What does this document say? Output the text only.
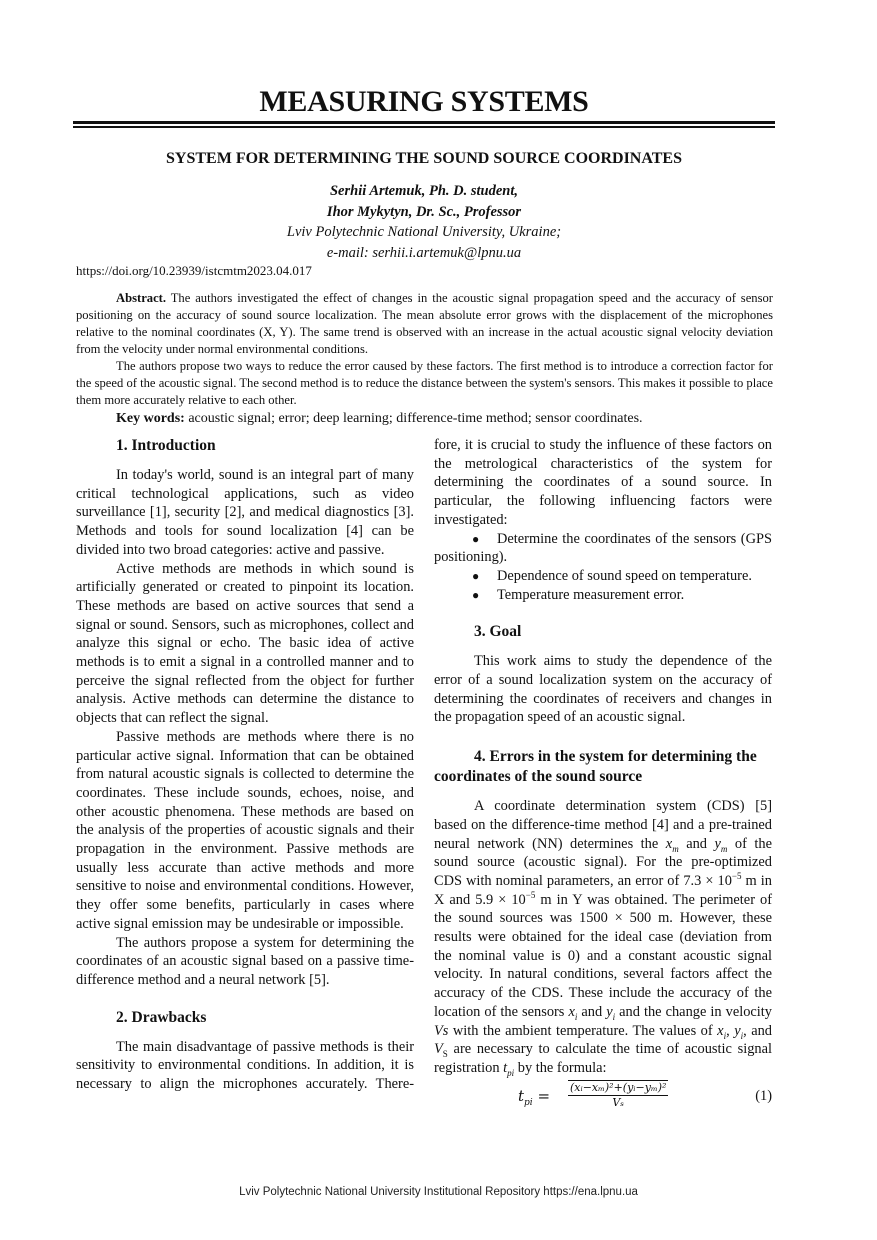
MEASURING SYSTEMS
SYSTEM FOR DETERMINING THE SOUND SOURCE COORDINATES
Serhii Artemuk, Ph. D. student,
Ihor Mykytyn, Dr. Sc., Professor
Lviv Polytechnic National University, Ukraine;
e-mail: serhii.i.artemuk@lpnu.ua
https://doi.org/10.23939/istcmtm2023.04.017

Abstract. The authors investigated the effect of changes in the acoustic signal propagation speed and the accuracy of sensor positioning on the accuracy of sound source localization. The mean absolute error grows with the displacement of the microphones relative to the nominal coordinates (X, Y). The same trend is observed with an increase in the actual acoustic signal velocity deviation from the velocity under normal environmental conditions.

The authors propose two ways to reduce the error caused by these factors. The first method is to introduce a correction factor for the speed of the acoustic signal. The second method is to reduce the distance between the system's sensors. This makes it possible to place them more accurately relative to each other.

Key words: acoustic signal; error; deep learning; difference-time method; sensor coordinates.

1. Introduction

In today's world, sound is an integral part of many critical technological applications, such as video surveillance [1], security [2], and medical diagnostics [3]. Methods and tools for sound localization [4] can be divided into two broad categories: active and passive.

Active methods are methods in which sound is artificially generated or created to pinpoint its location. These methods are based on active sources that send a signal or sound. Sensors, such as microphones, collect and analyze this signal or echo. The basic idea of active methods is to emit a signal in a controlled manner and to perceive the signal reflected from the object for further analysis. Active methods can determine the distance to objects that can reflect the signal.

Passive methods are methods where there is no particular active signal. Information that can be obtained from natural acoustic signals is collected to determine the coordinates. These include sounds, echoes, noise, and other acoustic phenomena. These methods are based on the analysis of the properties of acoustic signals and their propagation in the environment. Passive methods are usually less accurate than active methods and more sensitive to noise and environmental conditions. However, they offer some benefits, particularly in cases where active signal emission may be undesirable or impossible.

The authors propose a system for determining the coordinates of an acoustic signal based on a passive time-difference method and a neural network [5].

2. Drawbacks

The main disadvantage of passive methods is their sensitivity to environmental conditions. In addition, it is necessary to align the microphones accurately. There-

fore, it is crucial to study the influence of these factors on the metrological characteristics of the system for determining the coordinates of a sound source. In particular, the following influencing factors were investigated:

●	Determine the coordinates of the sensors (GPS positioning).
●	Dependence of sound speed on temperature.
●	Temperature measurement error.
3. Goal

This work aims to study the dependence of the error of a sound localization system on the accuracy of determining the coordinates of receivers and changes in the propagation speed of an acoustic signal.

4. Errors in the system for determining the coordinates of the sound source

A coordinate determination system (CDS) [5] based on the difference-time method [4] and a pre-trained neural network (NN) determines the $x_m$ and $y_m$ of the sound source (acoustic signal). For the pre-optimized CDS with nominal parameters, an error of $7.3 \times 10^{-5}$ m in X and $5.9 \times 10^{-5}$ m in Y was obtained. The perimeter of the sound sources was 1500 × 500 m. However, these results were obtained for the ideal case (deviation from the nominal value is 0) and a constant acoustic signal velocity. In natural conditions, several factors affect the accuracy of the CDS. These include the accuracy of the location of the sensors $x_i$ and $y_i$ and the change in velocity Vs with the ambient temperature. The values of $x_i$, $y_i$, and $V_S$ are necessary to calculate the time of acoustic signal registration $t_{pi}$ by the formula:

$t_{pi} = \frac{\text{(xᵢ−xₘ)²+(yᵢ−yₘ)²}}{\text{Vₛ}}$	(1)
Lviv Polytechnic National University Institutional Repository https://ena.lpnu.ua
